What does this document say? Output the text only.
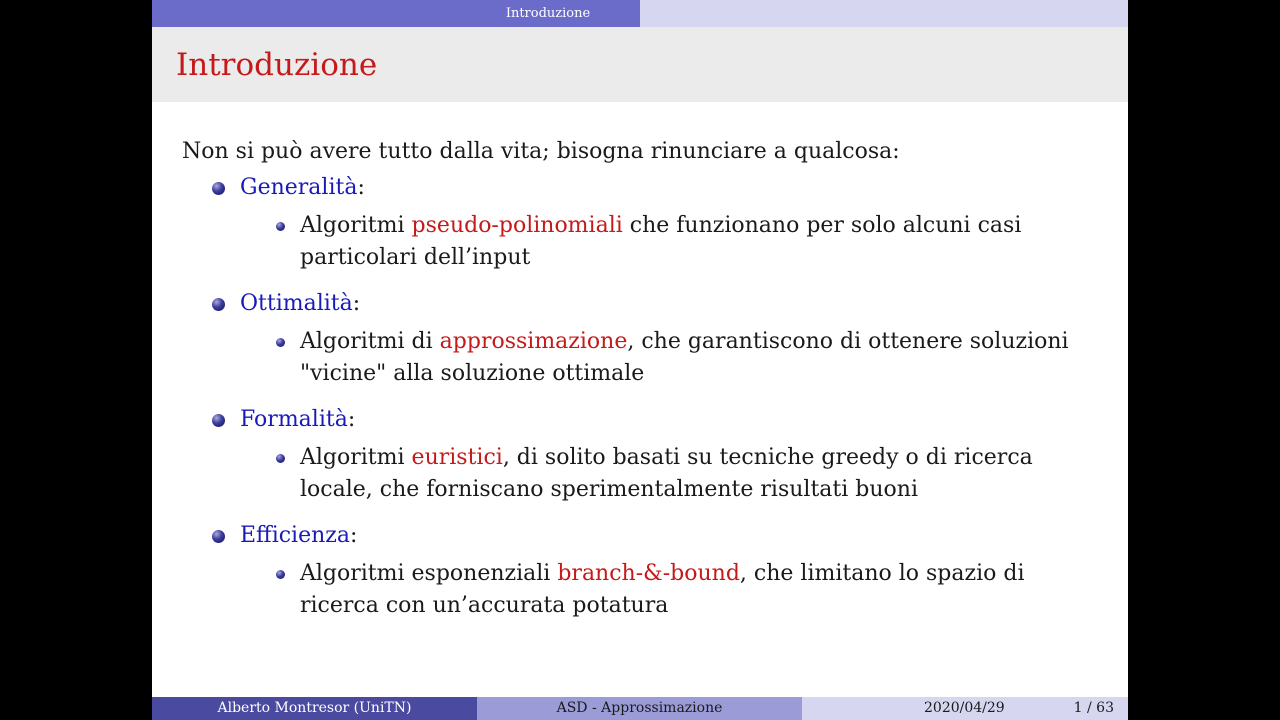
Introduzione
Introduzione

Non si può avere tutto dalla vita; bisogna rinunciare a qualcosa:

Generalità:

Algoritmi pseudo-polinomiali che funzionano per solo alcuni casi particolari dell’input

Ottimalità:

Algoritmi di approssimazione, che garantiscono di ottenere soluzioni "vicine" alla soluzione ottimale

Formalità:

Algoritmi euristici, di solito basati su tecniche greedy o di ricerca locale, che forniscano sperimentalmente risultati buoni

Efficienza:

Algoritmi esponenziali branch-&-bound, che limitano lo spazio di ricerca con un’accurata potatura
Alberto Montresor (UniTN)	ASD - Approssimazione	2020/04/29	1 / 63
